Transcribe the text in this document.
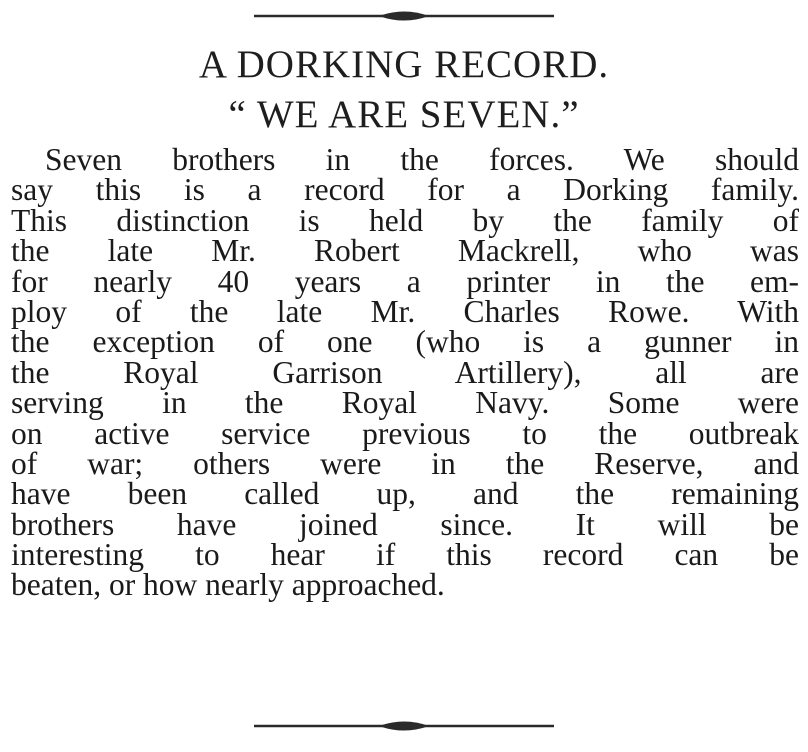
A DORKING RECORD.
“ WE ARE SEVEN.”
Seven brothers in the forces. We should
say this is a record for a Dorking family.
This distinction is held by the family of
the late Mr. Robert Mackrell, who was
for nearly 40 years a printer in the em-
ploy of the late Mr. Charles Rowe. With
the exception of one (who is a gunner in
the Royal Garrison Artillery), all are
serving in the Royal Navy. Some were
on active service previous to the outbreak
of war; others were in the Reserve, and
have been called up, and the remaining
brothers have joined since. It will be
interesting to hear if this record can be
beaten, or how nearly approached.
